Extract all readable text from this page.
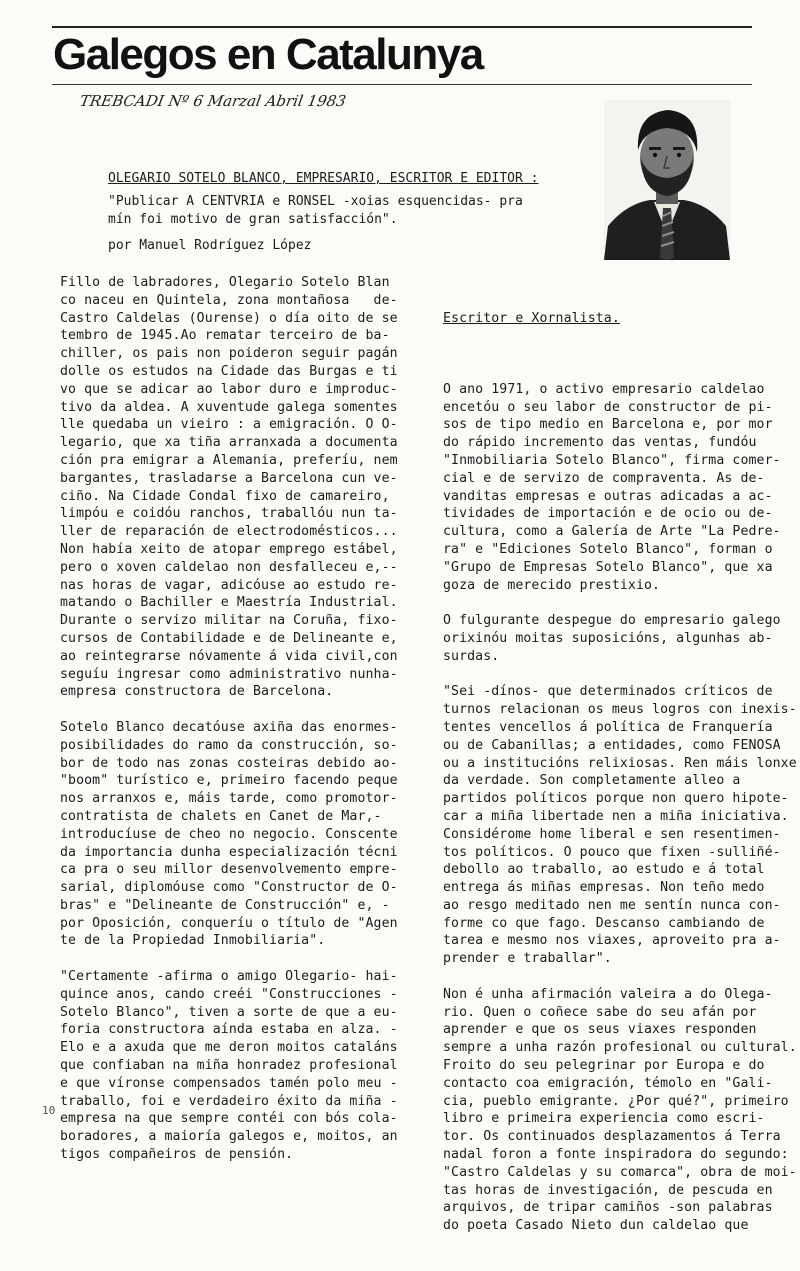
Galegos en Catalunya
TREBCADI Nº 6 Marzal Abril 1983
OLEGARIO SOTELO BLANCO, EMPRESARIO, ESCRITOR E EDITOR :
"Publicar A CENTVRIA e RONSEL -xoias esquencidas- pra
mín foi motivo de gran satisfacción".
por Manuel Rodríguez López
Fillo de labradores, Olegario Sotelo Blan
co naceu en Quintela, zona montañosa   de-
Castro Caldelas (Ourense) o día oito de se
tembro de 1945.Ao rematar terceiro de ba-
chiller, os pais non poideron seguir pagán
dolle os estudos na Cidade das Burgas e ti
vo que se adicar ao labor duro e improduc-
tivo da aldea. A xuventude galega somentes
lle quedaba un vieiro : a emigración. O O-
legario, que xa tiña arranxada a documenta
ción pra emigrar a Alemania, preferíu, nem
bargantes, trasladarse a Barcelona cun ve-
ciño. Na Cidade Condal fixo de camareiro,
limpóu e coidóu ranchos, traballóu nun ta-
ller de reparación de electrodomésticos...
Non había xeito de atopar emprego estábel,
pero o xoven caldelao non desfalleceu e,--
nas horas de vagar, adicóuse ao estudo re-
matando o Bachiller e Maestría Industrial.
Durante o servizo militar na Coruña, fixo-
cursos de Contabilidade e de Delineante e,
ao reintegrarse nóvamente á vida civil,con
seguíu ingresar como administrativo nunha-
empresa constructora de Barcelona.
Sotelo Blanco decatóuse axiña das enormes-
posibilidades do ramo da construcción, so-
bor de todo nas zonas costeiras debido ao-
"boom" turístico e, primeiro facendo peque
nos arranxos e, máis tarde, como promotor-
contratista de chalets en Canet de Mar,-
introducíuse de cheo no negocio. Conscente
da importancia dunha especialización técni
ca pra o seu millor desenvolvemento empre-
sarial, diplomóuse como "Constructor de O-
bras" e "Delineante de Construcción" e, -
por Oposición, conqueríu o título de "Agen
te de la Propiedad Inmobiliaria".
"Certamente -afirma o amigo Olegario- hai-
quince anos, cando creéi "Construcciones -
Sotelo Blanco", tiven a sorte de que a eu-
foria constructora aínda estaba en alza. -
Elo e a axuda que me deron moitos cataláns
que confiaban na miña honradez profesional
e que víronse compensados tamén polo meu -
traballo, foi e verdadeiro éxito da miña -
empresa na que sempre contéi con bós cola-
boradores, a maioría galegos e, moitos, an
tigos compañeiros de pensión.

Escritor e Xornalista.

O ano 1971, o activo empresario caldelao
encetóu o seu labor de constructor de pi-
sos de tipo medio en Barcelona e, por mor
do rápido incremento das ventas, fundóu
"Inmobiliaria Sotelo Blanco", firma comer-
cial e de servizo de compraventa. As de-
vanditas empresas e outras adicadas a ac-
tividades de importación e de ocio ou de-
cultura, como a Galería de Arte "La Pedre-
ra" e "Ediciones Sotelo Blanco", forman o
"Grupo de Empresas Sotelo Blanco", que xa
goza de merecido prestixio.
O fulgurante despegue do empresario galego
orixinóu moitas suposicións, algunhas ab-
surdas.
"Sei -dínos- que determinados críticos de
turnos relacionan os meus logros con inexis-
tentes vencellos á política de Franquería
ou de Cabanillas; a entidades, como FENOSA
ou a institucións relixiosas. Ren máis lonxe
da verdade. Son completamente alleo a
partidos políticos porque non quero hipote-
car a miña libertade nen a miña iniciativa.
Considérome home liberal e sen resentimen-
tos políticos. O pouco que fixen -sulliñé-
debollo ao traballo, ao estudo e á total
entrega ás miñas empresas. Non teño medo
ao resgo meditado nen me sentín nunca con-
forme co que fago. Descanso cambiando de
tarea e mesmo nos viaxes, aproveito pra a-
prender e traballar".
Non é unha afirmación valeira a do Olega-
rio. Quen o coñece sabe do seu afán por
aprender e que os seus viaxes responden
sempre a unha razón profesional ou cultural.
Froito do seu pelegrinar por Europa e do
contacto coa emigración, témolo en "Gali-
cia, pueblo emigrante. ¿Por qué?", primeiro
libro e primeira experiencia como escri-
tor. Os continuados desplazamentos á Terra
nadal foron a fonte inspiradora do segundo:
"Castro Caldelas y su comarca", obra de moi-
tas horas de investigación, de pescuda en
arquivos, de tripar camiños -son palabras
do poeta Casado Nieto dun caldelao que

10
